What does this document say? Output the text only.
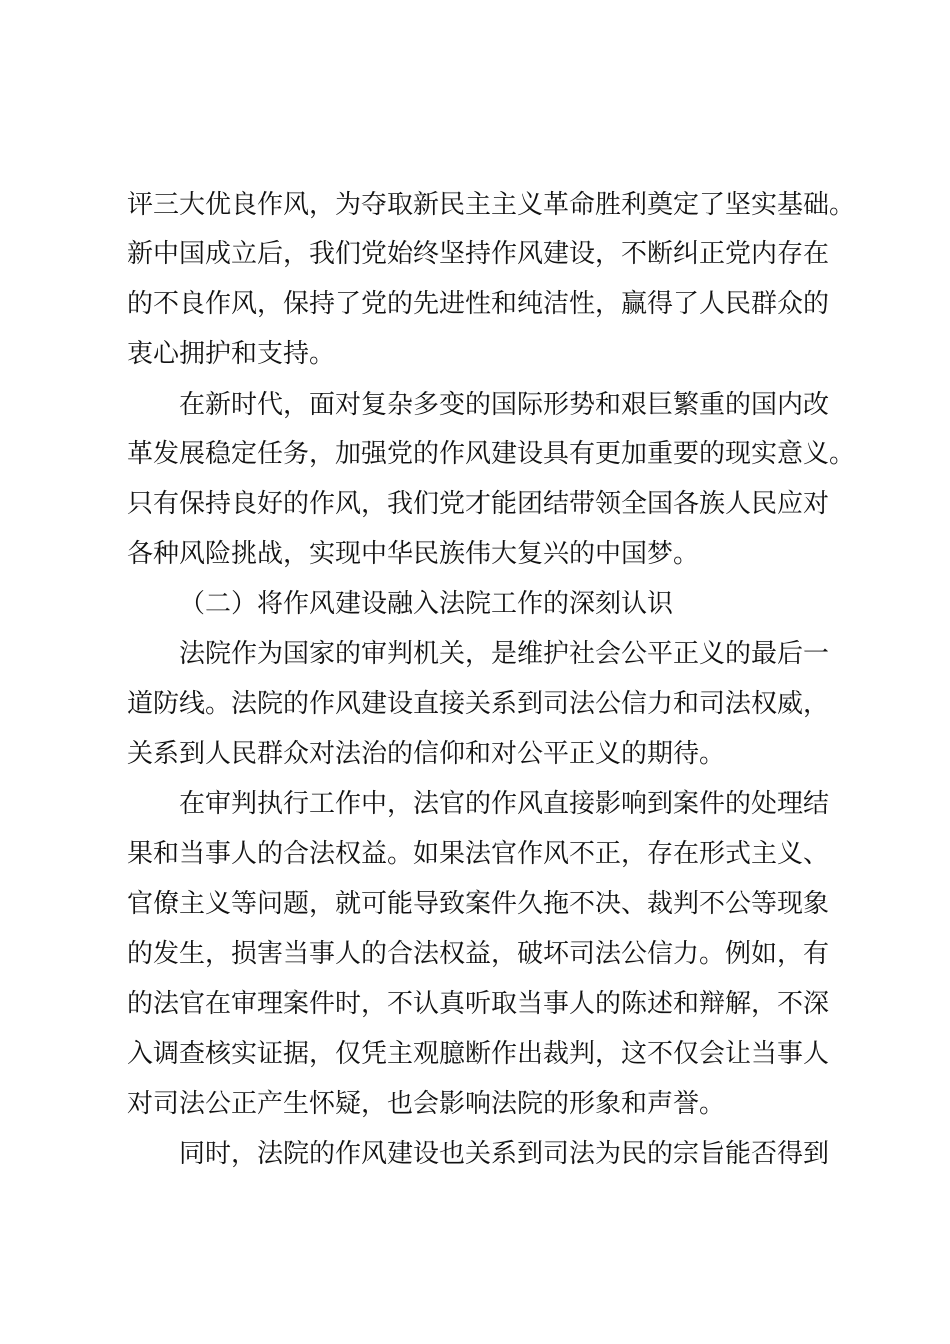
评三大优良作风，为夺取新民主主义革命胜利奠定了坚实基础。
新中国成立后，我们党始终坚持作风建设，不断纠正党内存在
的不良作风，保持了党的先进性和纯洁性，赢得了人民群众的
衷心拥护和支持。
在新时代，面对复杂多变的国际形势和艰巨繁重的国内改
革发展稳定任务，加强党的作风建设具有更加重要的现实意义。
只有保持良好的作风，我们党才能团结带领全国各族人民应对
各种风险挑战，实现中华民族伟大复兴的中国梦。
（二）将作风建设融入法院工作的深刻认识
法院作为国家的审判机关，是维护社会公平正义的最后一
道防线。法院的作风建设直接关系到司法公信力和司法权威，
关系到人民群众对法治的信仰和对公平正义的期待。
在审判执行工作中，法官的作风直接影响到案件的处理结
果和当事人的合法权益。如果法官作风不正，存在形式主义、
官僚主义等问题，就可能导致案件久拖不决、裁判不公等现象
的发生，损害当事人的合法权益，破坏司法公信力。例如，有
的法官在审理案件时，不认真听取当事人的陈述和辩解，不深
入调查核实证据，仅凭主观臆断作出裁判，这不仅会让当事人
对司法公正产生怀疑，也会影响法院的形象和声誉。
同时，法院的作风建设也关系到司法为民的宗旨能否得到
